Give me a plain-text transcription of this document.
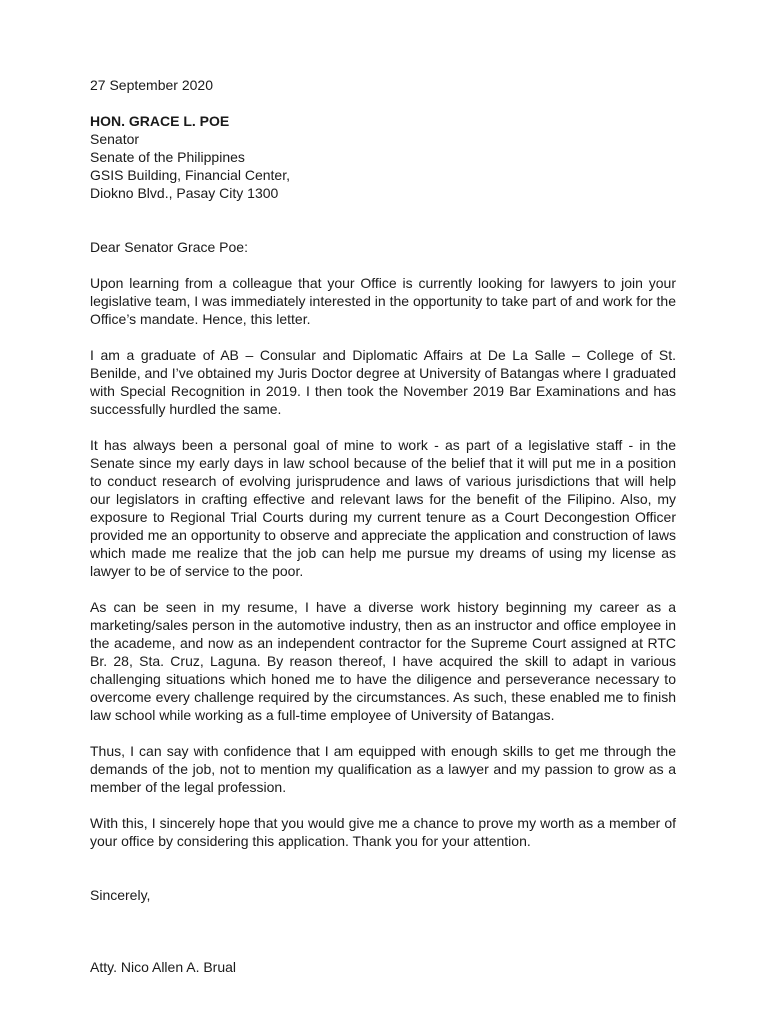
27 September 2020
HON. GRACE L. POE
Senator
Senate of the Philippines
GSIS Building, Financial Center,
Diokno Blvd., Pasay City 1300
Dear Senator Grace Poe:

Upon learning from a colleague that your Office is currently looking for lawyers to join your legislative team, I was immediately interested in the opportunity to take part of and work for the Office’s mandate. Hence, this letter.

I am a graduate of AB – Consular and Diplomatic Affairs at De La Salle – College of St. Benilde, and I’ve obtained my Juris Doctor degree at University of Batangas where I graduated with Special Recognition in 2019. I then took the November 2019 Bar Examinations and has successfully hurdled the same.

It has always been a personal goal of mine to work - as part of a legislative staff - in the Senate since my early days in law school because of the belief that it will put me in a position to conduct research of evolving jurisprudence and laws of various jurisdictions that will help our legislators in crafting effective and relevant laws for the benefit of the Filipino. Also, my exposure to Regional Trial Courts during my current tenure as a Court Decongestion Officer provided me an opportunity to observe and appreciate the application and construction of laws which made me realize that the job can help me pursue my dreams of using my license as lawyer to be of service to the poor.

As can be seen in my resume, I have a diverse work history beginning my career as a marketing/sales person in the automotive industry, then as an instructor and office employee in the academe, and now as an independent contractor for the Supreme Court assigned at RTC Br. 28, Sta. Cruz, Laguna. By reason thereof, I have acquired the skill to adapt in various challenging situations which honed me to have the diligence and perseverance necessary to overcome every challenge required by the circumstances. As such, these enabled me to finish law school while working as a full-time employee of University of Batangas.

Thus, I can say with confidence that I am equipped with enough skills to get me through the demands of the job, not to mention my qualification as a lawyer and my passion to grow as a member of the legal profession.

With this, I sincerely hope that you would give me a chance to prove my worth as a member of your office by considering this application. Thank you for your attention.

Sincerely,
Atty. Nico Allen A. Brual
